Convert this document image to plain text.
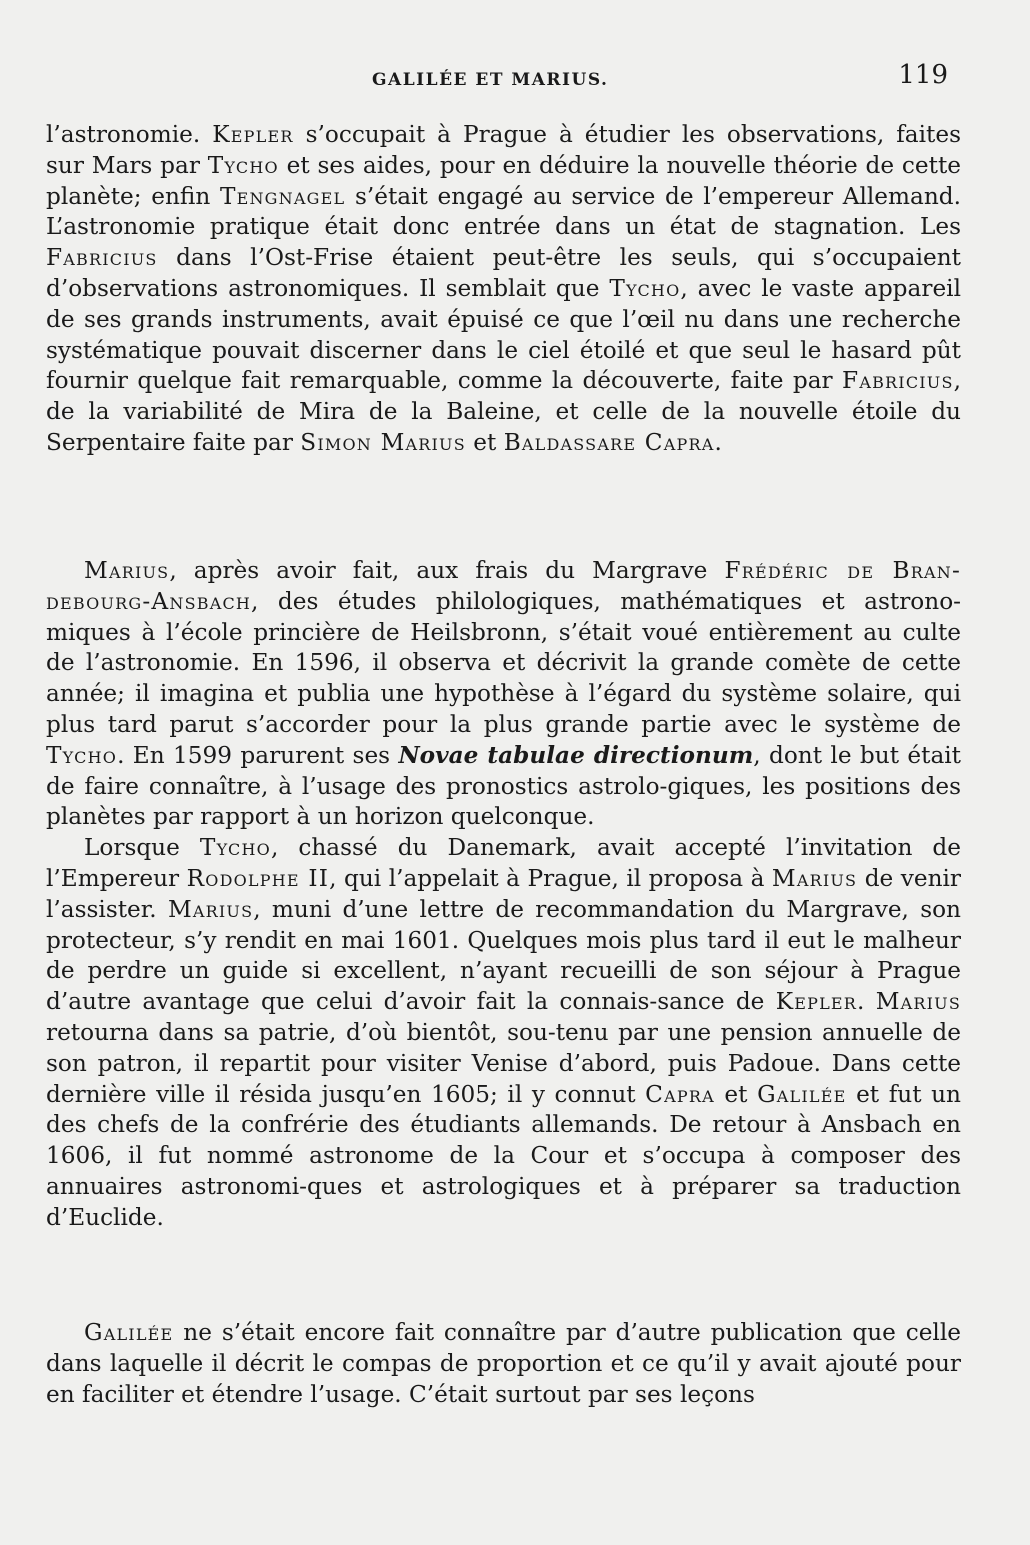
GALILÉE ET MARIUS.	119

l’astronomie. Kepler s’occupait à Prague à étudier les observations, faites sur Mars par Tycho et ses aides, pour en déduire la nouvelle théorie de cette planète; enfin Tengnagel s’était engagé au service de l’empereur Allemand. L’astronomie pratique était donc entrée dans un état de stagnation. Les Fabricius dans l’Ost-Frise étaient peut-être les seuls, qui s’occupaient d’observations astronomiques. Il semblait que Tycho, avec le vaste appareil de ses grands instruments, avait épuisé ce que l’œil nu dans une recherche systématique pouvait discerner dans le ciel étoilé et que seul le hasard pût fournir quelque fait remarquable, comme la découverte, faite par Fabricius, de la variabilité de Mira de la Baleine, et celle de la nouvelle étoile du Serpentaire faite par Simon Marius et Baldassare Capra.

Marius, après avoir fait, aux frais du Margrave Frédéric de Bran-debourg-Ansbach, des études philologiques, mathématiques et astrono-miques à l’école princière de Heilsbronn, s’était voué entièrement au culte de l’astronomie. En 1596, il observa et décrivit la grande comète de cette année; il imagina et publia une hypothèse à l’égard du système solaire, qui plus tard parut s’accorder pour la plus grande partie avec le système de Tycho. En 1599 parurent ses Novae tabulae directionum, dont le but était de faire connaître, à l’usage des pronostics astrolo-giques, les positions des planètes par rapport à un horizon quelconque.

Lorsque Tycho, chassé du Danemark, avait accepté l’invitation de l’Empereur Rodolphe II, qui l’appelait à Prague, il proposa à Marius de venir l’assister. Marius, muni d’une lettre de recommandation du Margrave, son protecteur, s’y rendit en mai 1601. Quelques mois plus tard il eut le malheur de perdre un guide si excellent, n’ayant recueilli de son séjour à Prague d’autre avantage que celui d’avoir fait la connais-sance de Kepler. Marius retourna dans sa patrie, d’où bientôt, sou-tenu par une pension annuelle de son patron, il repartit pour visiter Venise d’abord, puis Padoue. Dans cette dernière ville il résida jusqu’en 1605; il y connut Capra et Galilée et fut un des chefs de la confrérie des étudiants allemands. De retour à Ansbach en 1606, il fut nommé astronome de la Cour et s’occupa à composer des annuaires astronomi-ques et astrologiques et à préparer sa traduction d’Euclide.

Galilée ne s’était encore fait connaître par d’autre publication que celle dans laquelle il décrit le compas de proportion et ce qu’il y avait ajouté pour en faciliter et étendre l’usage. C’était surtout par ses leçons
